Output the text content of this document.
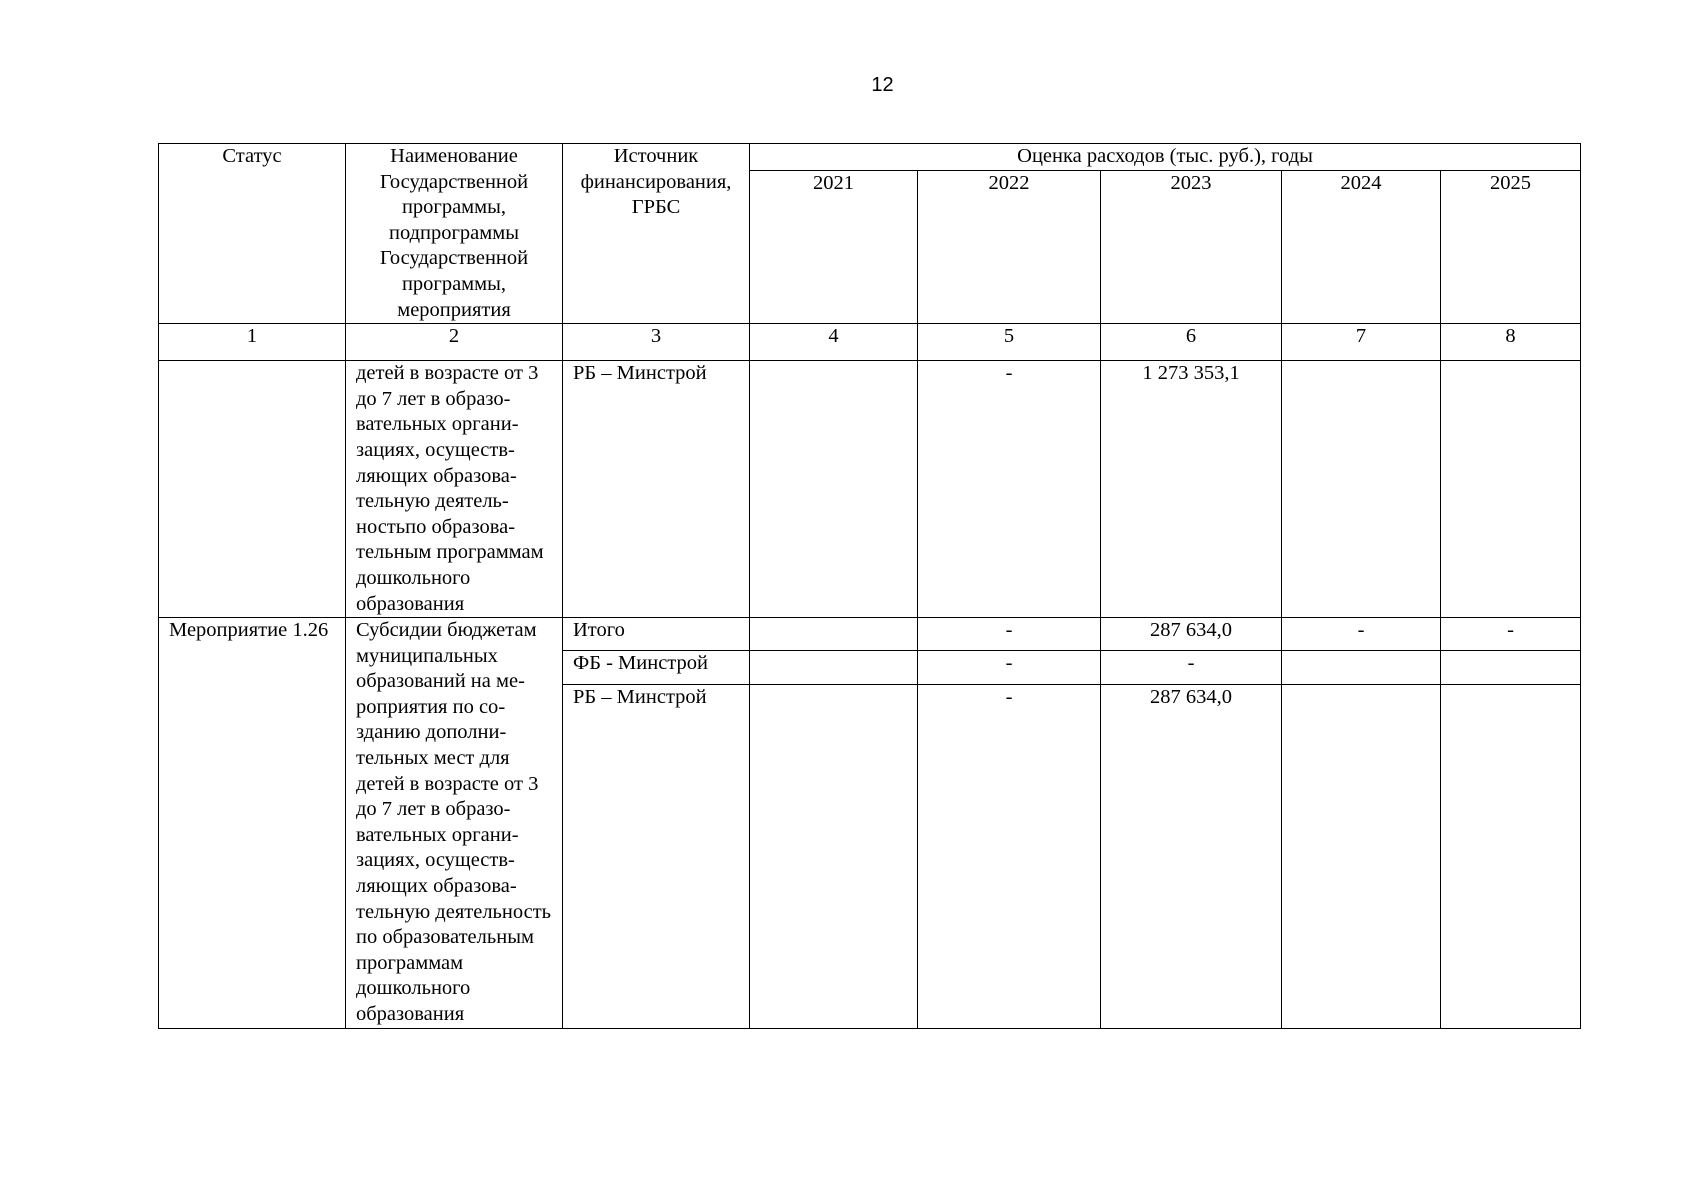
12
Статус	Наименование Государственной программы, подпрограммы Государственной программы, мероприятия	Источник финансирования, ГРБС	Оценка расходов (тыс. руб.), годы				
			2021	2022	2023	2024	2025
1	2	3	4	5	6	7	8
	детей в возрасте от 3 до 7 лет в образовательных организациях, осуществляющих образовательную деятельностьпо образовательным программам дошкольного образования	РБ – Минстрой		-	1 273 353,1		
Мероприятие 1.26	Субсидии бюджетам муниципальных образований на мероприятия по созданию дополнительных мест для детей в возрасте от 3 до 7 лет в образовательных организациях, осуществляющих образовательную деятельность по образовательным программам дошкольного образования	Итого		-	287 634,0	-	-
		ФБ - Минстрой		-	-		
		РБ – Минстрой		-	287 634,0		
